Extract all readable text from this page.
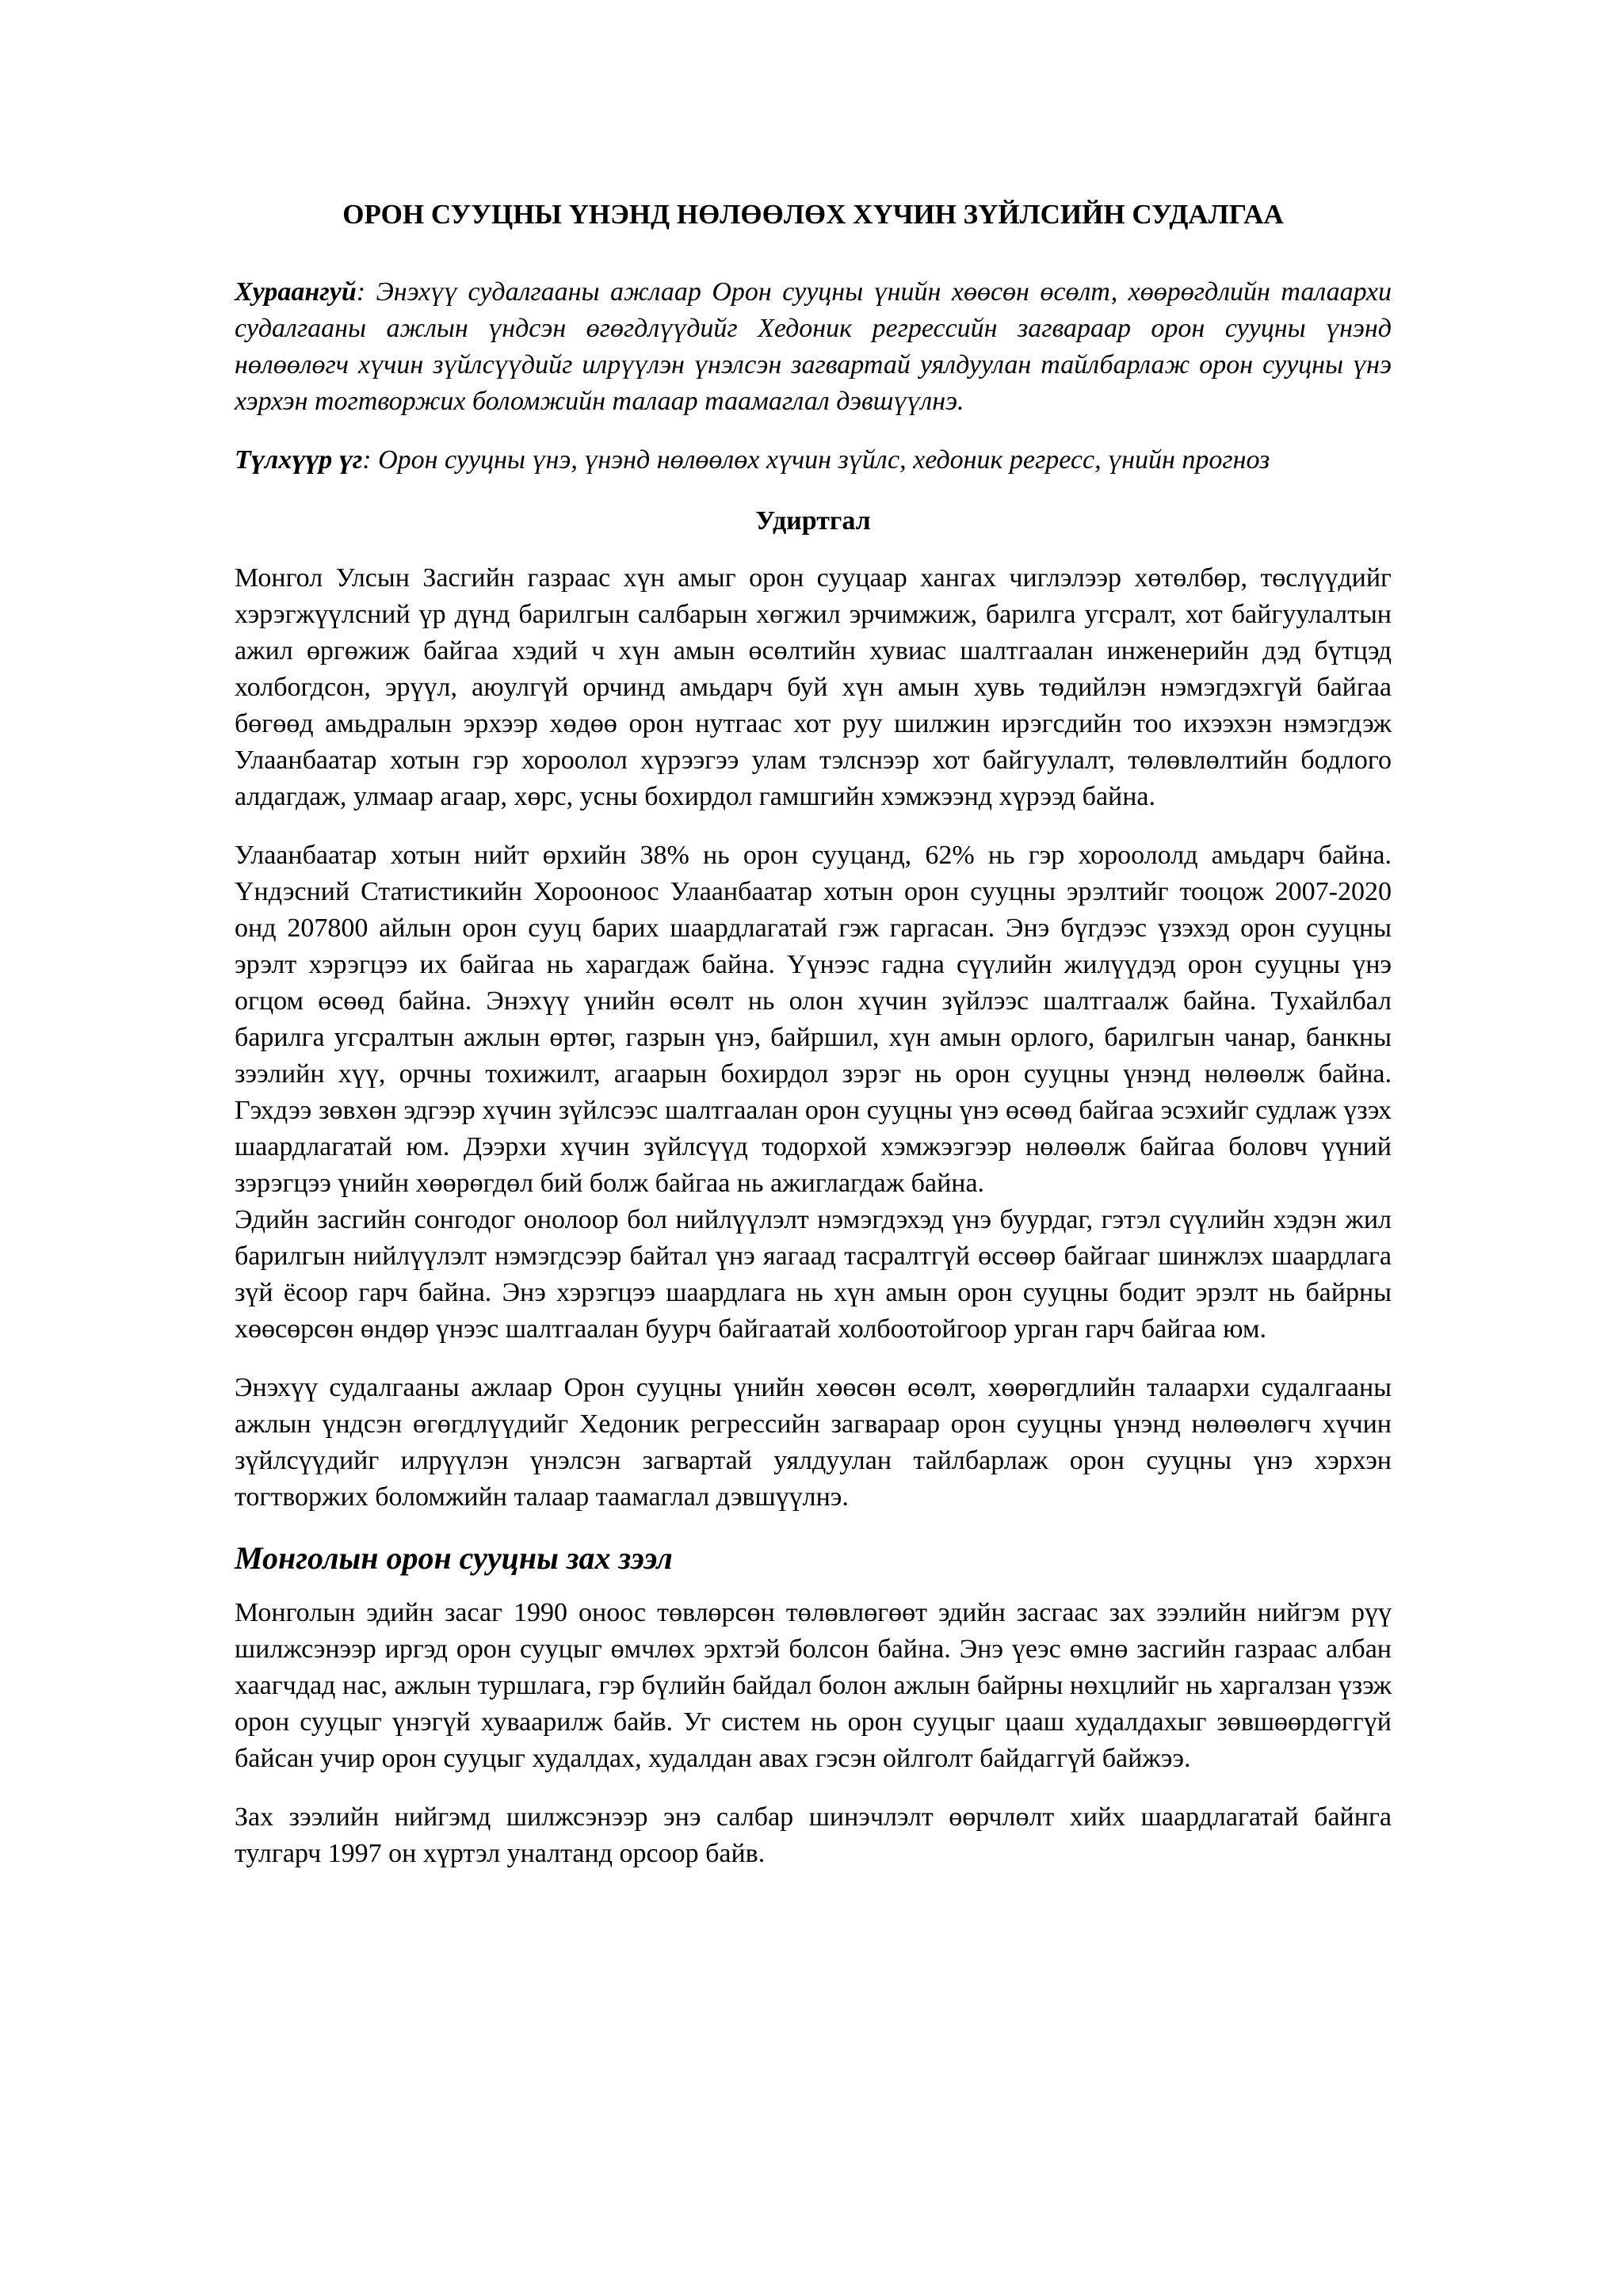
ОРОН СУУЦНЫ ҮНЭНД НӨЛӨӨЛӨХ ХҮЧИН ЗҮЙЛСИЙН СУДАЛГАА

Хураангуй: Энэхүү судалгааны ажлаар Орон сууцны үнийн хөөсөн өсөлт, хөөрөгдлийн талаархи судалгааны ажлын үндсэн өгөгдлүүдийг Хедоник регрессийн загвараар орон сууцны үнэнд нөлөөлөгч хүчин зүйлсүүдийг илрүүлэн үнэлсэн загвартай уялдуулан тайлбарлаж орон сууцны үнэ хэрхэн тогтворжих боломжийн талаар таамаглал дэвшүүлнэ.

Түлхүүр үг: Орон сууцны үнэ, үнэнд нөлөөлөх хүчин зүйлс, хедоник регресс, үнийн прогноз

Удиртгал

Монгол Улсын Засгийн газраас хүн амыг орон сууцаар хангах чиглэлээр хөтөлбөр, төслүүдийг хэрэгжүүлсний үр дүнд барилгын салбарын хөгжил эрчимжиж, барилга угсралт, хот байгуулалтын ажил өргөжиж байгаа хэдий ч хүн амын өсөлтийн хувиас шалтгаалан инженерийн дэд бүтцэд холбогдсон, эрүүл, аюулгүй орчинд амьдарч буй хүн амын хувь төдийлэн нэмэгдэхгүй байгаа бөгөөд амьдралын эрхээр хөдөө орон нутгаас хот руу шилжин ирэгсдийн тоо ихээхэн нэмэгдэж Улаанбаатар хотын гэр хороолол хүрээгээ улам тэлснээр хот байгуулалт, төлөвлөлтийн бодлого алдагдаж, улмаар агаар, хөрс, усны бохирдол гамшгийн хэмжээнд хүрээд байна.

Улаанбаатар хотын нийт өрхийн 38% нь орон сууцанд, 62% нь гэр хороололд амьдарч байна. Үндэсний Статистикийн Хорооноос Улаанбаатар хотын орон сууцны эрэлтийг тооцож 2007-2020 онд 207800 айлын орон сууц барих шаардлагатай гэж гаргасан. Энэ бүгдээс үзэхэд орон сууцны эрэлт хэрэгцээ их байгаа нь харагдаж байна. Үүнээс гадна сүүлийн жилүүдэд орон сууцны үнэ огцом өсөөд байна. Энэхүү үнийн өсөлт нь олон хүчин зүйлээс шалтгаалж байна. Тухайлбал барилга угсралтын ажлын өртөг, газрын үнэ, байршил, хүн амын орлого, барилгын чанар, банкны зээлийн хүү, орчны тохижилт, агаарын бохирдол зэрэг нь орон сууцны үнэнд нөлөөлж байна. Гэхдээ зөвхөн эдгээр хүчин зүйлсээс шалтгаалан орон сууцны үнэ өсөөд байгаа эсэхийг судлаж үзэх шаардлагатай юм. Дээрхи хүчин зүйлсүүд тодорхой хэмжээгээр нөлөөлж байгаа боловч үүний зэрэгцээ үнийн хөөрөгдөл бий болж байгаа нь ажиглагдаж байна.

Эдийн засгийн сонгодог онолоор бол нийлүүлэлт нэмэгдэхэд үнэ буурдаг, гэтэл сүүлийн хэдэн жил барилгын нийлүүлэлт нэмэгдсээр байтал үнэ яагаад тасралтгүй өссөөр байгааг шинжлэх шаардлага зүй ёсоор гарч байна. Энэ хэрэгцээ шаардлага нь хүн амын орон сууцны бодит эрэлт нь байрны хөөсөрсөн өндөр үнээс шалтгаалан буурч байгаатай холбоотойгоор урган гарч байгаа юм.

Энэхүү судалгааны ажлаар Орон сууцны үнийн хөөсөн өсөлт, хөөрөгдлийн талаархи судалгааны ажлын үндсэн өгөгдлүүдийг Хедоник регрессийн загвараар орон сууцны үнэнд нөлөөлөгч хүчин зүйлсүүдийг илрүүлэн үнэлсэн загвартай уялдуулан тайлбарлаж орон сууцны үнэ хэрхэн тогтворжих боломжийн талаар таамаглал дэвшүүлнэ.

Монголын орон сууцны зах зээл

Монголын эдийн засаг 1990 оноос төвлөрсөн төлөвлөгөөт эдийн засгаас зах зээлийн нийгэм рүү шилжсэнээр иргэд орон сууцыг өмчлөх эрхтэй болсон байна. Энэ үеэс өмнө засгийн газраас албан хаагчдад нас, ажлын туршлага, гэр бүлийн байдал болон ажлын байрны нөхцлийг нь харгалзан үзэж орон сууцыг үнэгүй хуваарилж байв. Уг систем нь орон сууцыг цааш худалдахыг зөвшөөрдөггүй байсан учир орон сууцыг худалдах, худалдан авах гэсэн ойлголт байдаггүй байжээ.

Зах зээлийн нийгэмд шилжсэнээр энэ салбар шинэчлэлт өөрчлөлт хийх шаардлагатай байнга тулгарч 1997 он хүртэл уналтанд орсоор байв.
